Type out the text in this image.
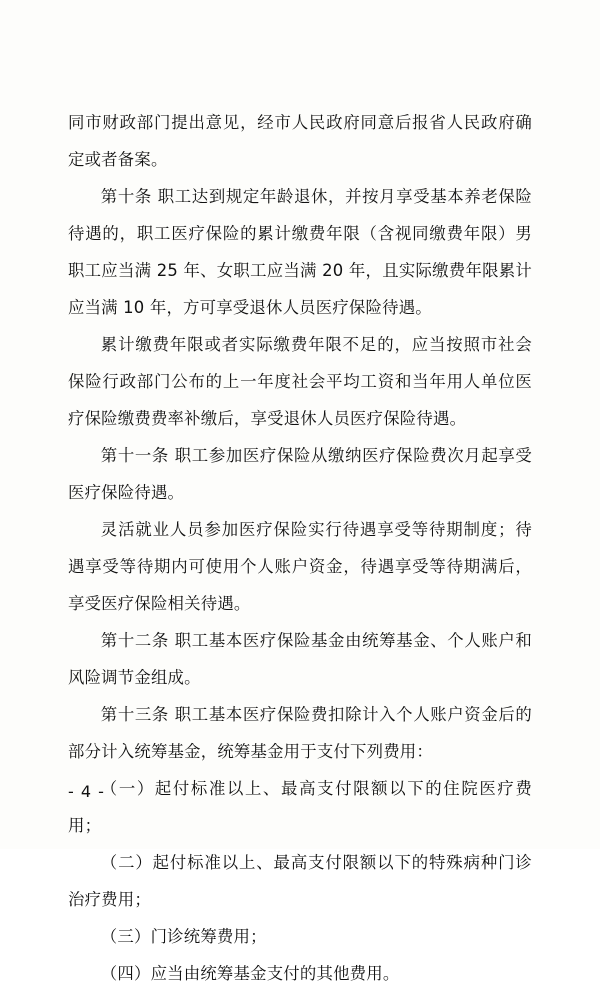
同市财政部门提出意见，经市人民政府同意后报省人民政府确定或者备案。

第十条 职工达到规定年龄退休，并按月享受基本养老保险待遇的，职工医疗保险的累计缴费年限（含视同缴费年限）男职工应当满 25 年、女职工应当满 20 年，且实际缴费年限累计应当满 10 年，方可享受退休人员医疗保险待遇。

累计缴费年限或者实际缴费年限不足的，应当按照市社会保险行政部门公布的上一年度社会平均工资和当年用人单位医疗保险缴费费率补缴后，享受退休人员医疗保险待遇。

第十一条 职工参加医疗保险从缴纳医疗保险费次月起享受医疗保险待遇。

灵活就业人员参加医疗保险实行待遇享受等待期制度；待遇享受等待期内可使用个人账户资金，待遇享受等待期满后，享受医疗保险相关待遇。

第十二条 职工基本医疗保险基金由统筹基金、个人账户和风险调节金组成。

第十三条 职工基本医疗保险费扣除计入个人账户资金后的部分计入统筹基金，统筹基金用于支付下列费用：

（一）起付标准以上、最高支付限额以下的住院医疗费用；

（二）起付标准以上、最高支付限额以下的特殊病种门诊治疗费用；

（三）门诊统筹费用；

（四）应当由统筹基金支付的其他费用。

- 4 -
